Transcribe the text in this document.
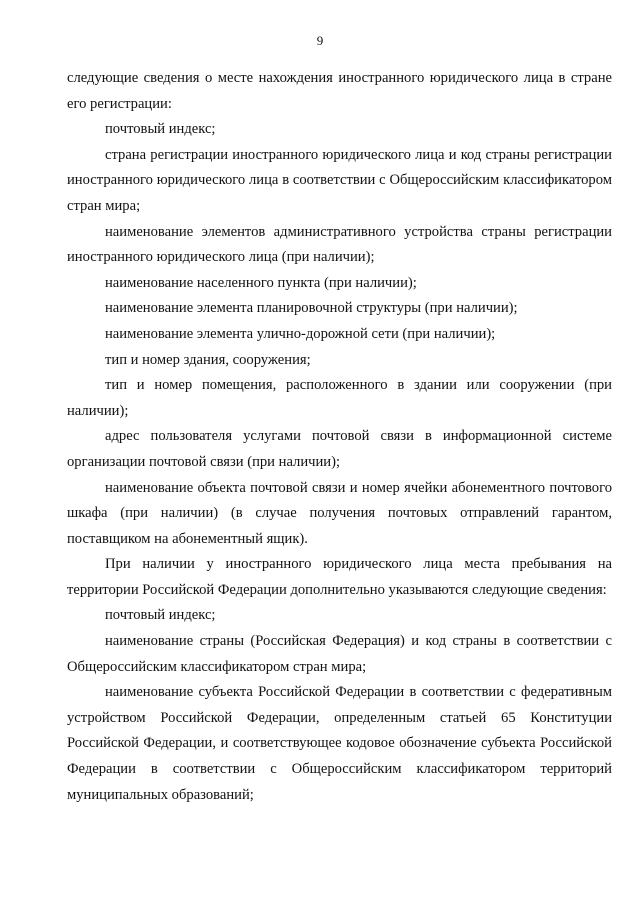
9

следующие сведения о месте нахождения иностранного юридического лица в стране его регистрации:

почтовый индекс;

страна регистрации иностранного юридического лица и код страны регистрации иностранного юридического лица в соответствии с Общероссийским классификатором стран мира;

наименование элементов административного устройства страны регистрации иностранного юридического лица (при наличии);

наименование населенного пункта (при наличии);

наименование элемента планировочной структуры (при наличии);

наименование элемента улично-дорожной сети (при наличии);

тип и номер здания, сооружения;

тип и номер помещения, расположенного в здании или сооружении (при наличии);

адрес пользователя услугами почтовой связи в информационной системе организации почтовой связи (при наличии);

наименование объекта почтовой связи и номер ячейки абонементного почтового шкафа (при наличии) (в случае получения почтовых отправлений гарантом, поставщиком на абонементный ящик).

При наличии у иностранного юридического лица места пребывания на территории Российской Федерации дополнительно указываются следующие сведения:

почтовый индекс;

наименование страны (Российская Федерация) и код страны в соответствии с Общероссийским классификатором стран мира;

наименование субъекта Российской Федерации в соответствии с федеративным устройством Российской Федерации, определенным статьей 65 Конституции Российской Федерации, и соответствующее кодовое обозначение субъекта Российской Федерации в соответствии с Общероссийским классификатором территорий муниципальных образований;
